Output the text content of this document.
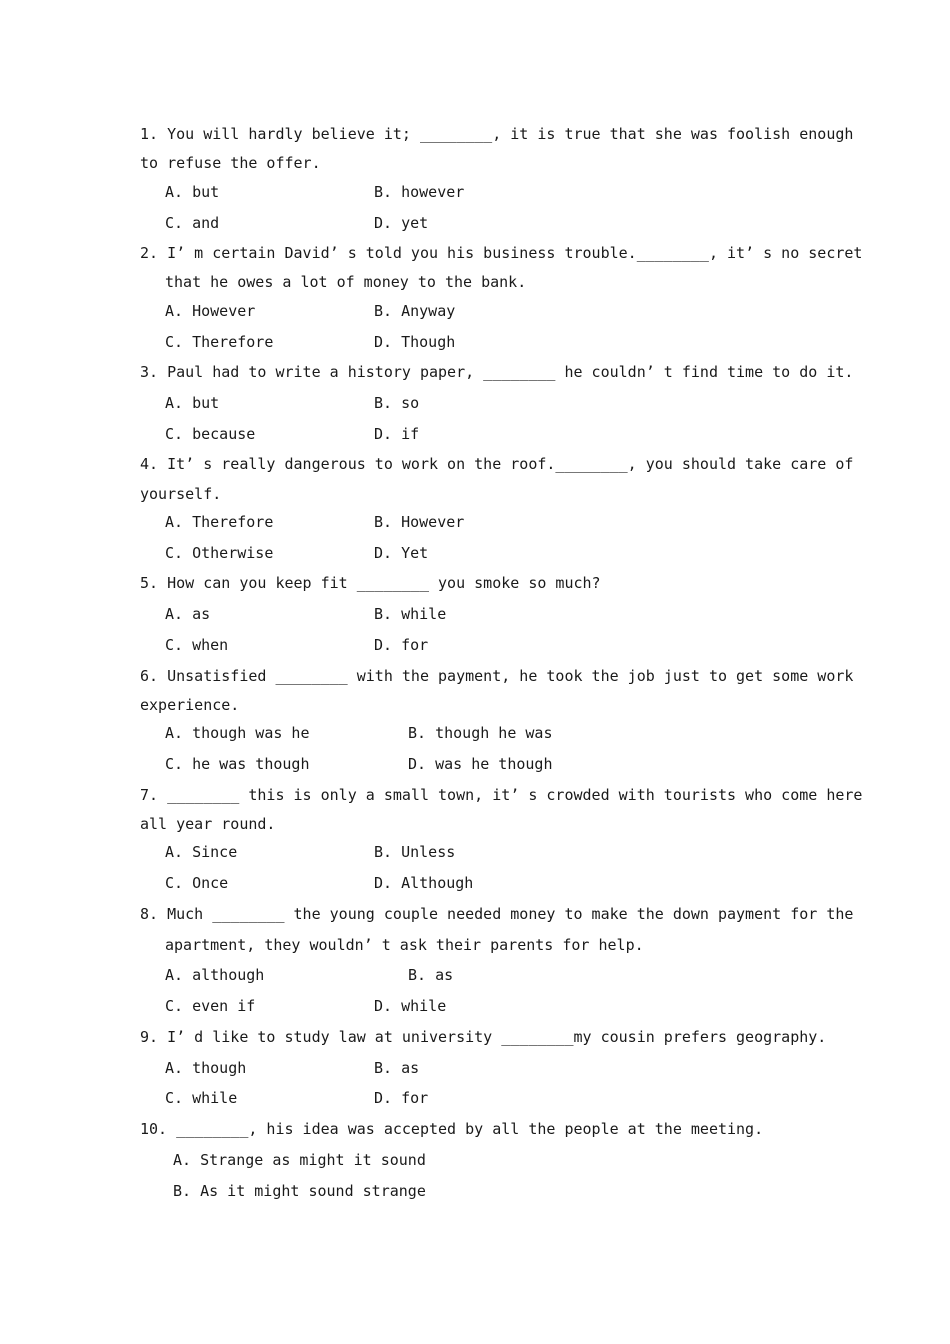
1. You will hardly believe it; ________, it is true that she was foolish enough
to refuse the offer.
A. but	B. however
C. and	D. yet
2. I’ m certain David’ s told you his business trouble.________, it’ s no secret
that he owes a lot of money to the bank.
A. However	B. Anyway
C. Therefore	D. Though
3. Paul had to write a history paper, ________ he couldn’ t find time to do it.
A. but	B. so
C. because	D. if
4. It’ s really dangerous to work on the roof.________, you should take care of
yourself.
A. Therefore	B. However
C. Otherwise	D. Yet
5. How can you keep fit ________ you smoke so much?
A. as	B. while
C. when	D. for
6. Unsatisfied ________ with the payment, he took the job just to get some work
experience.
A. though was he	B. though he was
C. he was though	D. was he though
7. ________ this is only a small town, it’ s crowded with tourists who come here
all year round.
A. Since	B. Unless
C. Once	D. Although
8. Much ________ the young couple needed money to make the down payment for the
apartment, they wouldn’ t ask their parents for help.
A. although	B. as
C. even if	D. while
9. I’ d like to study law at university ________my cousin prefers geography.
A. though	B. as
C. while	D. for
10. ________, his idea was accepted by all the people at the meeting.
A. Strange as might it sound
B. As it might sound strange
